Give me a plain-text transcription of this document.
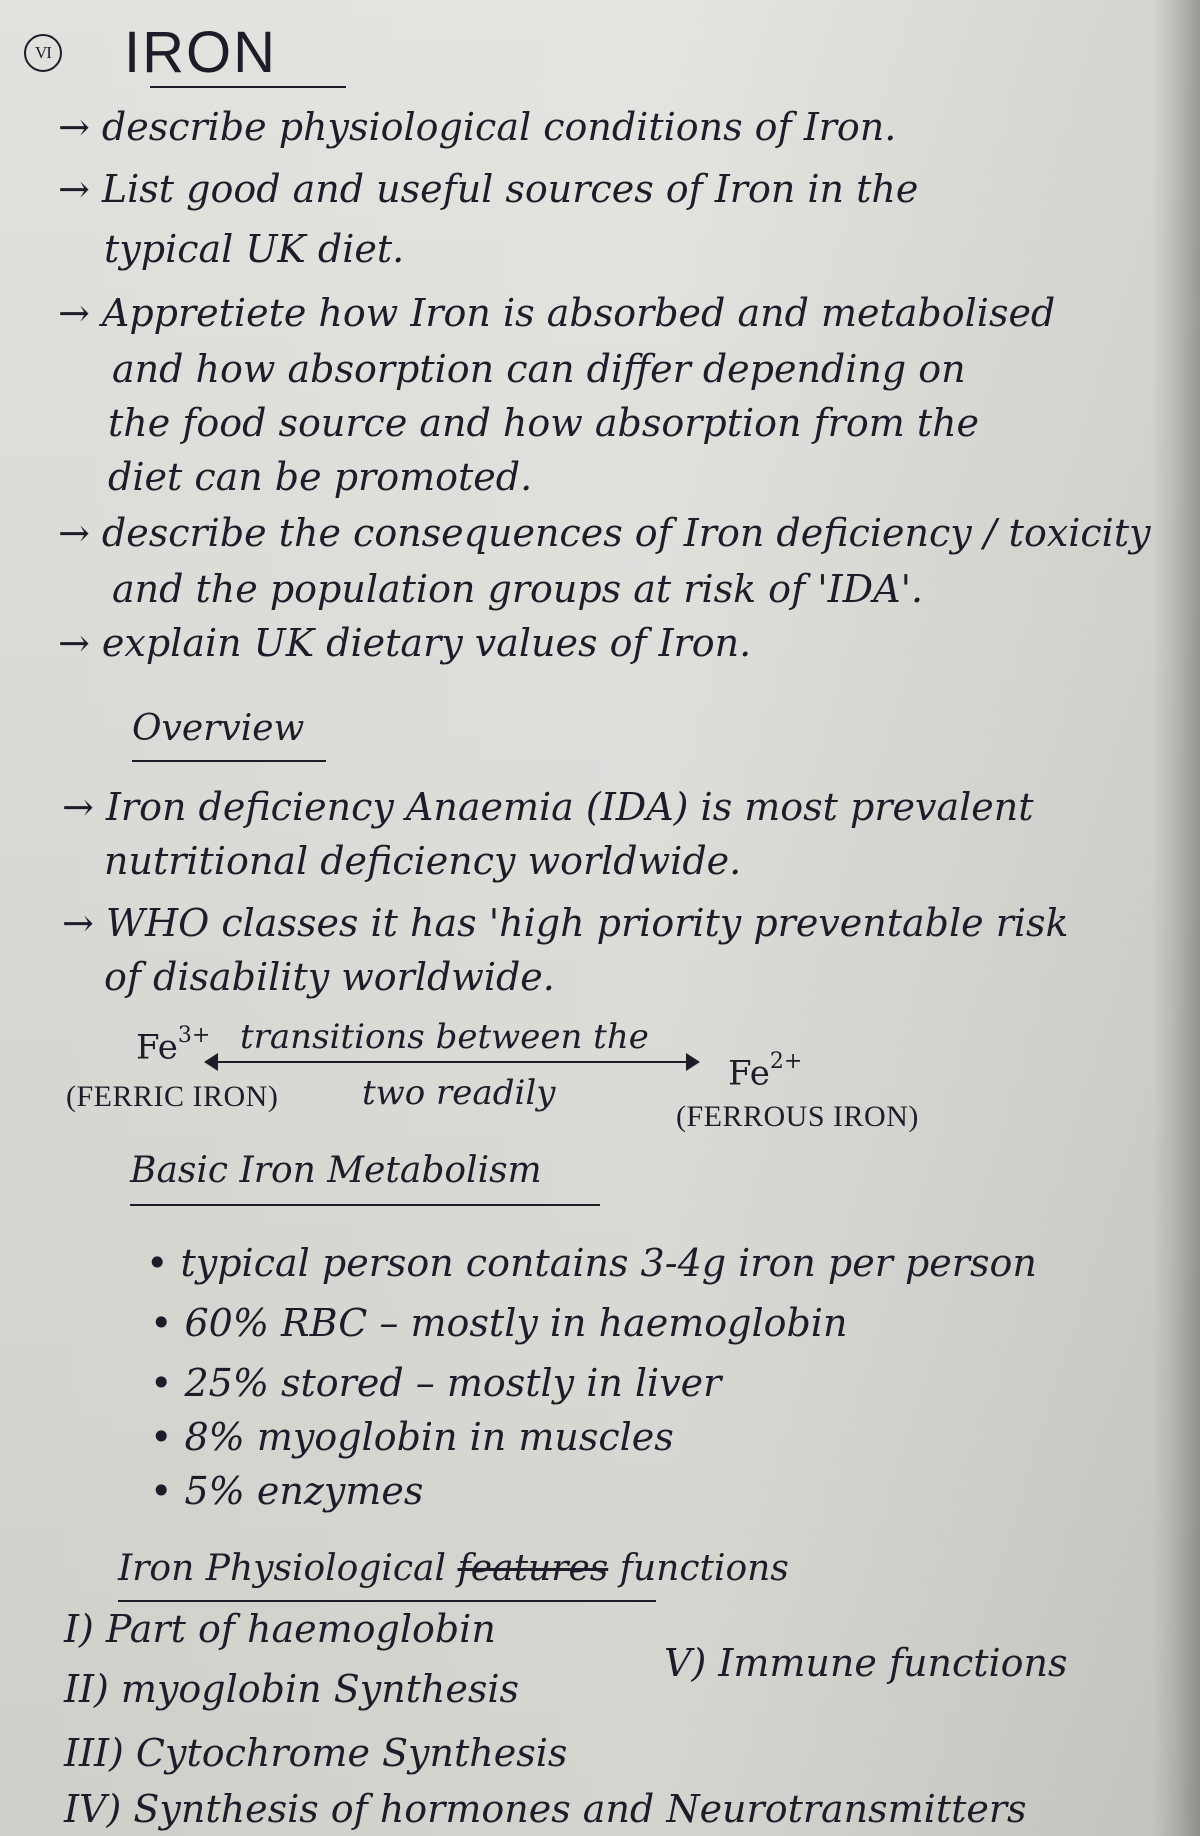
VI IRON
→ describe physiological conditions of Iron.
→ List good and useful sources of Iron in the
typical UK diet.
→ Appretiete how Iron is absorbed and metabolised
and how absorption can differ depending on
the food source and how absorption from the
diet can be promoted.
→ describe the consequences of Iron deficiency / toxicity
and the population groups at risk of 'IDA'.
→ explain UK dietary values of Iron.
Overview
→ Iron deficiency Anaemia (IDA) is most prevalent
nutritional deficiency worldwide.
→ WHO classes it has 'high priority preventable risk
of disability worldwide.
$Fe^{3+}$ transitions between the
$Fe^{2+}$
(FERRIC IRON) two readily
(FERROUS IRON)
Basic Iron Metabolism
• typical person contains 3-4g iron per person
• 60% RBC – mostly in haemoglobin
• 25% stored – mostly in liver
• 8% myoglobin in muscles
• 5% enzymes
Iron Physiological features functions
I) Part of haemoglobin
II) myoglobin Synthesis
III) Cytochrome Synthesis
IV) Synthesis of hormones and Neurotransmitters
V) Immune functions
